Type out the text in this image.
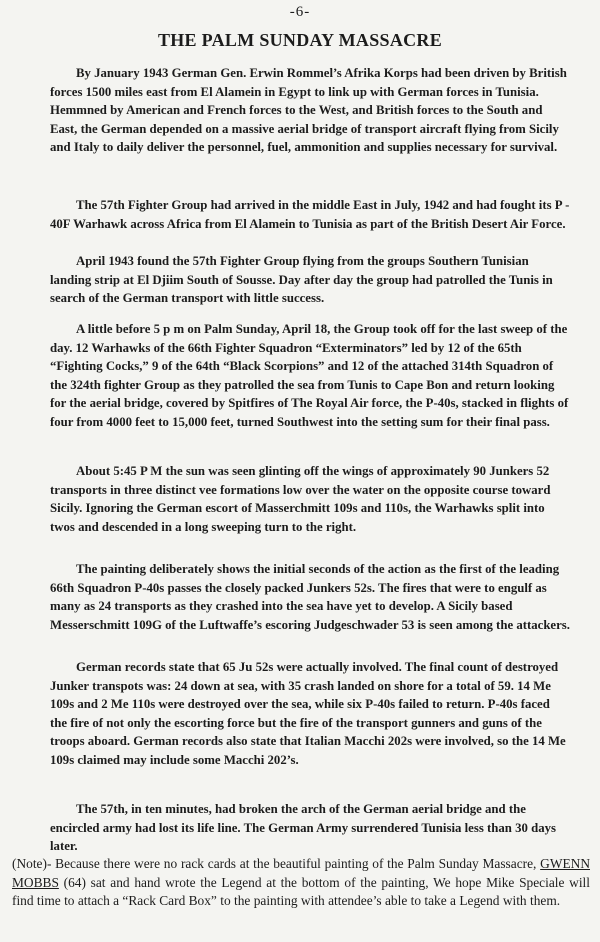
-6-
THE PALM SUNDAY MASSACRE

By January 1943 German Gen. Erwin Rommel’s Afrika Korps had been driven by British forces 1500 miles east from El Alamein in Egypt to link up with German forces in Tunisia. Hemmned by American and French forces to the West, and British forces to the South and East, the German depended on a massive aerial bridge of transport aircraft flying from Sicily and Italy to daily deliver the personnel, fuel, ammonition and supplies necessary for survival.

The 57th Fighter Group had arrived in the middle East in July, 1942 and had fought its P - 40F Warhawk across Africa from El Alamein to Tunisia as part of the British Desert Air Force.

April 1943 found the 57th Fighter Group flying from the groups Southern Tunisian landing strip at El Djiim South of Sousse. Day after day the group had patrolled the Tunis in search of the German transport with little success.

A little before 5 p m on Palm Sunday, April 18, the Group took off for the last sweep of the day. 12 Warhawks of the 66th Fighter Squadron “Exterminators” led by 12 of the 65th “Fighting Cocks,” 9 of the 64th “Black Scorpions” and 12 of the attached 314th Squadron of the 324th fighter Group as they patrolled the sea from Tunis to Cape Bon and return looking for the aerial bridge, covered by Spitfires of The Royal Air force, the P-40s, stacked in flights of four from 4000 feet to 15,000 feet, turned Southwest into the setting sum for their final pass.

About 5:45 P M the sun was seen glinting off the wings of approximately 90 Junkers 52 transports in three distinct vee formations low over the water on the opposite course toward Sicily. Ignoring the German escort of Masserchmitt 109s and 110s, the Warhawks split into twos and descended in a long sweeping turn to the right.

The painting deliberately shows the initial seconds of the action as the first of the leading 66th Squadron P-40s passes the closely packed Junkers 52s. The fires that were to engulf as many as 24 transports as they crashed into the sea have yet to develop. A Sicily based Messerschmitt 109G of the Luftwaffe’s escoring Judgeschwader 53 is seen among the attackers.

German records state that 65 Ju 52s were actually involved. The final count of destroyed Junker transpots was: 24 down at sea, with 35 crash landed on shore for a total of 59. 14 Me 109s and 2 Me 110s were destroyed over the sea, while six P-40s failed to return. P-40s faced the fire of not only the escorting force but the fire of the transport gunners and guns of the troops aboard. German records also state that Italian Macchi 202s were involved, so the 14 Me 109s claimed may include some Macchi 202’s.

The 57th, in ten minutes, had broken the arch of the German aerial bridge and the encircled army had lost its life line. The German Army surrendered Tunisia less than 30 days later.

(Note)- Because there were no rack cards at the beautiful painting of the Palm Sunday Massacre, GWENN MOBBS (64) sat and hand wrote the Legend at the bottom of the painting, We hope Mike Speciale will find time to attach a “Rack Card Box” to the painting with attendee’s able to take a Legend with them.
